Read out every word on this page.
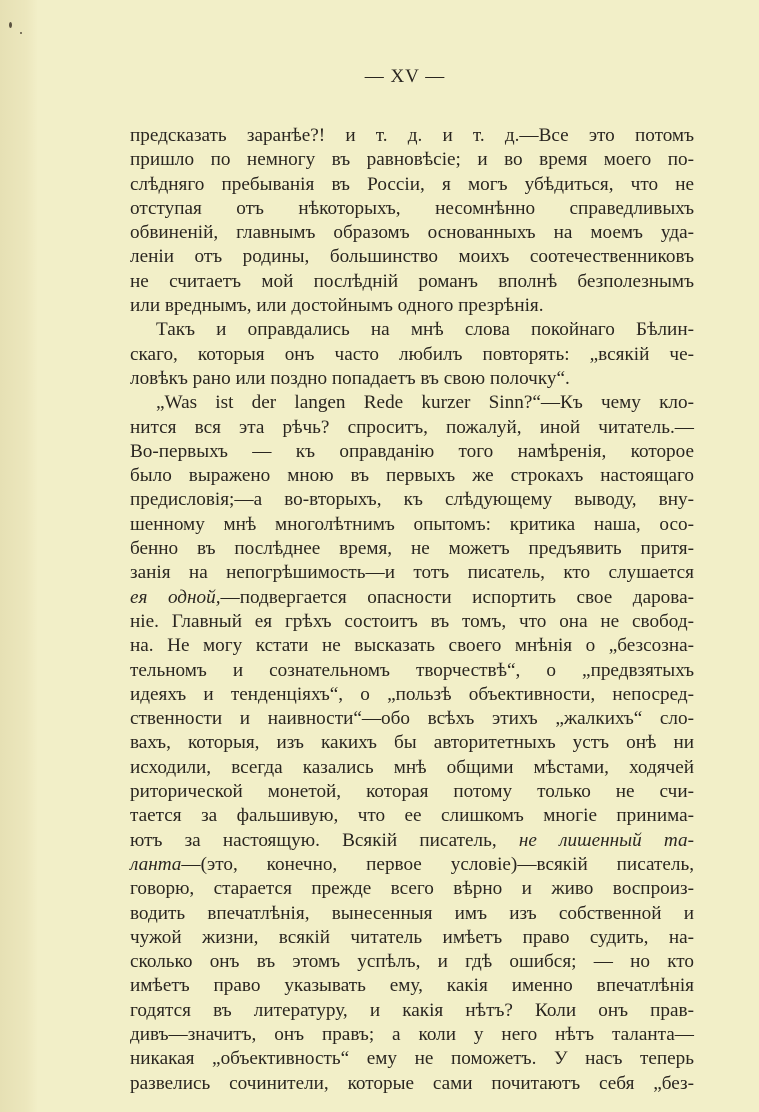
— XV —
предсказать заранѣе?! и т. д. и т. д.—Все это потомъ
пришло по немногу въ равновѣсіе; и во время моего по-
слѣдняго пребыванія въ Россіи, я могъ убѣдиться, что не
отступая отъ нѣкоторыхъ, несомнѣнно справедливыхъ
обвиненій, главнымъ образомъ основанныхъ на моемъ уда-
леніи отъ родины, большинство моихъ соотечественниковъ
не считаетъ мой послѣдній романъ вполнѣ безполезнымъ
или вреднымъ, или достойнымъ одного презрѣнія.
Такъ и оправдались на мнѣ слова покойнаго Бѣлин-
скаго, которыя онъ часто любилъ повторять: „всякій че-
ловѣкъ рано или поздно попадаетъ въ свою полочку“.
„Was ist der langen Rede kurzer Sinn?“—Къ чему кло-
нится вся эта рѣчь? спроситъ, пожалуй, иной читатель.—
Во-первыхъ — къ оправданію того намѣренія, которое
было выражено мною въ первыхъ же строкахъ настоящаго
предисловія;—а во-вторыхъ, къ слѣдующему выводу, вну-
шенному мнѣ многолѣтнимъ опытомъ: критика наша, осо-
бенно въ послѣднее время, не можетъ предъявить притя-
занія на непогрѣшимость—и тотъ писатель, кто слушается
ея одной,—подвергается опасности испортить свое дарова-
ніе. Главный ея грѣхъ состоитъ въ томъ, что она не свобод-
на. Не могу кстати не высказать своего мнѣнія о „безсозна-
тельномъ и сознательномъ творчествѣ“, о „предвзятыхъ
идеяхъ и тенденціяхъ“, о „пользѣ объективности, непосред-
ственности и наивности“—обо всѣхъ этихъ „жалкихъ“ сло-
вахъ, которыя, изъ какихъ бы авторитетныхъ устъ онѣ ни
исходили, всегда казались мнѣ общими мѣстами, ходячей
риторической монетой, которая потому только не счи-
тается за фальшивую, что ее слишкомъ многіе принима-
ютъ за настоящую. Всякій писатель, не лишенный та-
ланта—(это, конечно, первое условіе)—всякій писатель,
говорю, старается прежде всего вѣрно и живо воспроиз-
водить впечатлѣнія, вынесенныя имъ изъ собственной и
чужой жизни, всякій читатель имѣетъ право судить, на-
сколько онъ въ этомъ успѣлъ, и гдѣ ошибся; — но кто
имѣетъ право указывать ему, какія именно впечатлѣнія
годятся въ литературу, и какія нѣтъ? Коли онъ прав-
дивъ—значитъ, онъ правъ; а коли у него нѣтъ таланта—
никакая „объективность“ ему не поможетъ. У насъ теперь
развелись сочинители, которые сами почитаютъ себя „без-
